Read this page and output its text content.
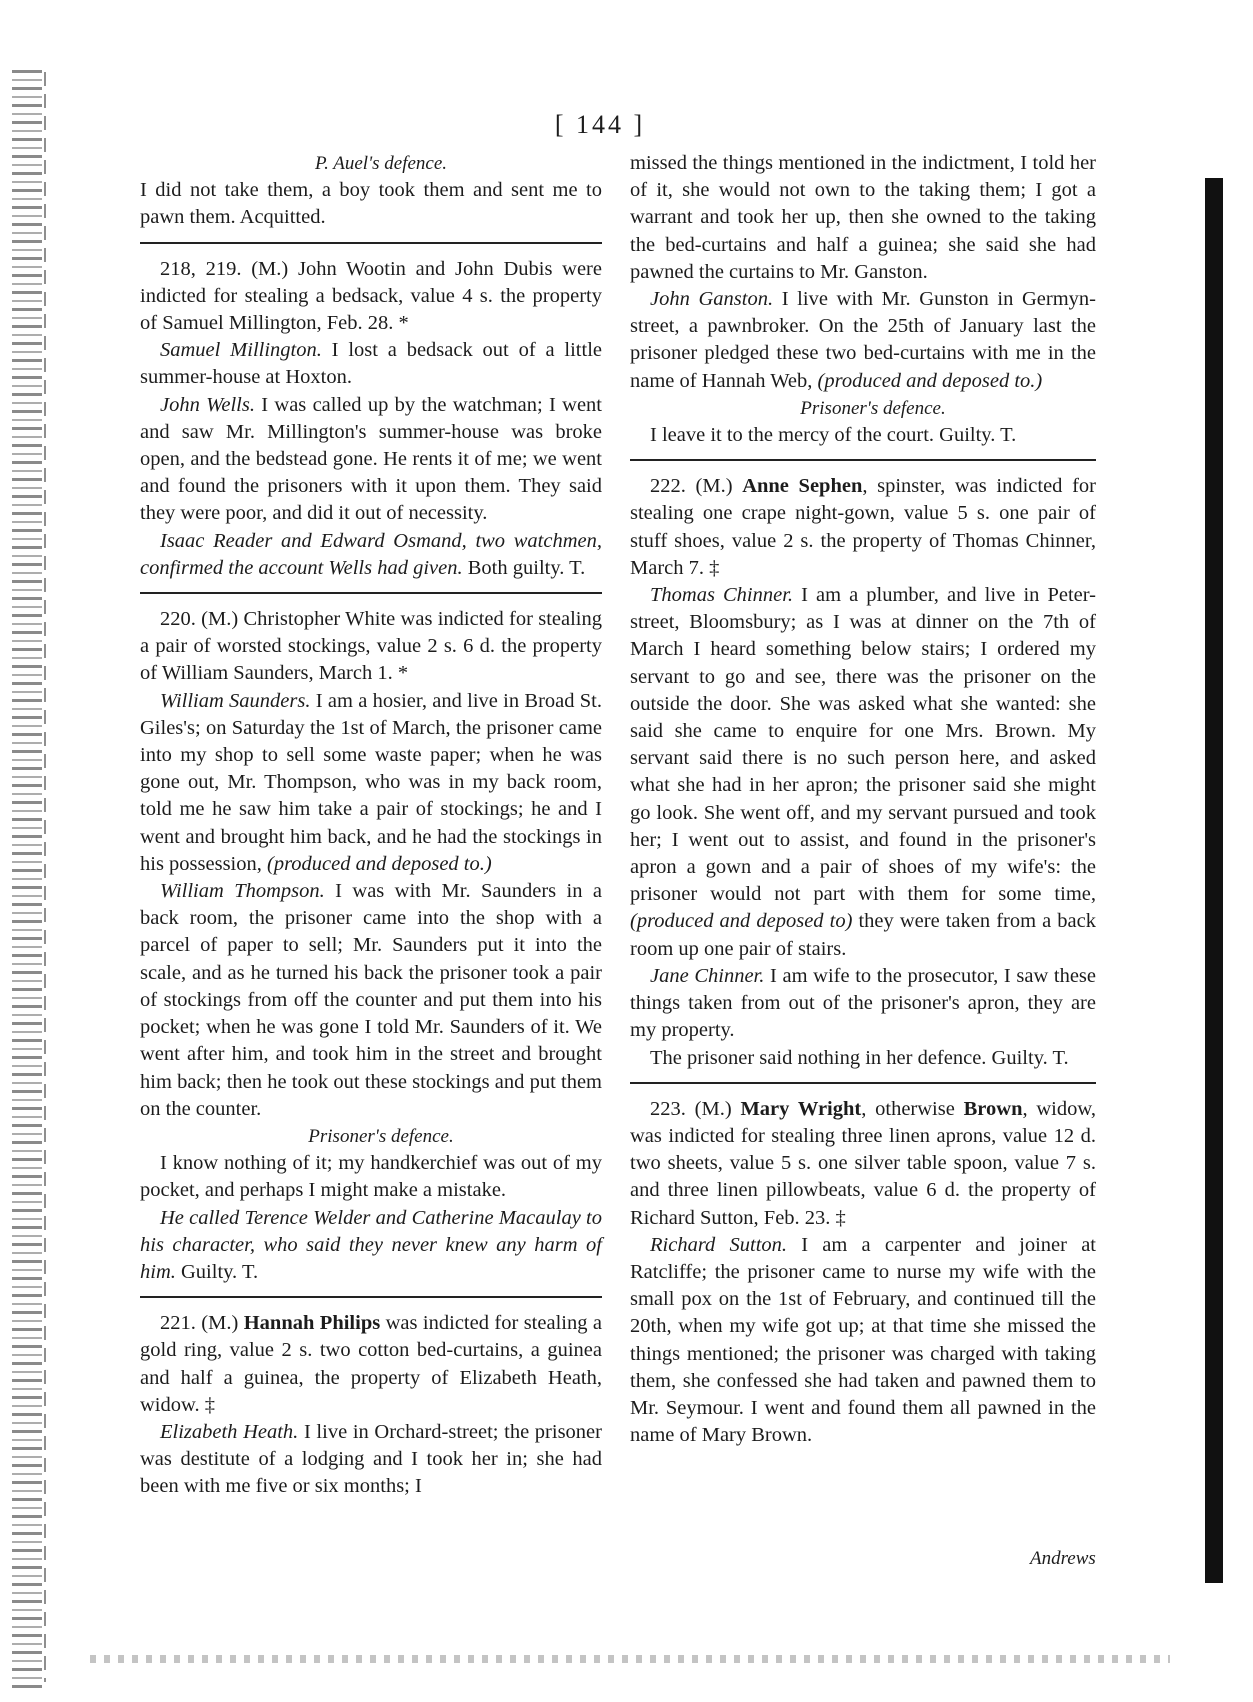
[ 144 ]

P. Auel's defence.

I did not take them, a boy took them and sent me to pawn them. Acquitted.

218, 219. (M.) John Wootin and John Dubis were indicted for stealing a bedsack, value 4 s. the property of Samuel Millington, Feb. 28. *

Samuel Millington. I lost a bedsack out of a little summer-house at Hoxton.

John Wells. I was called up by the watchman; I went and saw Mr. Millington's summer-house was broke open, and the bedstead gone. He rents it of me; we went and found the prisoners with it upon them. They said they were poor, and did it out of necessity.

Isaac Reader and Edward Osmand, two watchmen, confirmed the account Wells had given. Both guilty. T.

220. (M.) Christopher White was indicted for stealing a pair of worsted stockings, value 2 s. 6 d. the property of William Saunders, March 1. *

William Saunders. I am a hosier, and live in Broad St. Giles's; on Saturday the 1st of March, the prisoner came into my shop to sell some waste paper; when he was gone out, Mr. Thompson, who was in my back room, told me he saw him take a pair of stockings; he and I went and brought him back, and he had the stockings in his possession, (produced and deposed to.)

William Thompson. I was with Mr. Saunders in a back room, the prisoner came into the shop with a parcel of paper to sell; Mr. Saunders put it into the scale, and as he turned his back the prisoner took a pair of stockings from off the counter and put them into his pocket; when he was gone I told Mr. Saunders of it. We went after him, and took him in the street and brought him back; then he took out these stockings and put them on the counter.

Prisoner's defence.

I know nothing of it; my handkerchief was out of my pocket, and perhaps I might make a mistake.

He called Terence Welder and Catherine Macaulay to his character, who said they never knew any harm of him. Guilty. T.

221. (M.) Hannah Philips was indicted for stealing a gold ring, value 2 s. two cotton bed-curtains, a guinea and half a guinea, the property of Elizabeth Heath, widow. ‡

Elizabeth Heath. I live in Orchard-street; the prisoner was destitute of a lodging and I took her in; she had been with me five or six months; I

missed the things mentioned in the indictment, I told her of it, she would not own to the taking them; I got a warrant and took her up, then she owned to the taking the bed-curtains and half a guinea; she said she had pawned the curtains to Mr. Ganston.

John Ganston. I live with Mr. Gunston in Germyn-street, a pawnbroker. On the 25th of January last the prisoner pledged these two bed-curtains with me in the name of Hannah Web, (produced and deposed to.)

Prisoner's defence.

I leave it to the mercy of the court. Guilty. T.

222. (M.) Anne Sephen, spinster, was indicted for stealing one crape night-gown, value 5 s. one pair of stuff shoes, value 2 s. the property of Thomas Chinner, March 7. ‡

Thomas Chinner. I am a plumber, and live in Peter-street, Bloomsbury; as I was at dinner on the 7th of March I heard something below stairs; I ordered my servant to go and see, there was the prisoner on the outside the door. She was asked what she wanted: she said she came to enquire for one Mrs. Brown. My servant said there is no such person here, and asked what she had in her apron; the prisoner said she might go look. She went off, and my servant pursued and took her; I went out to assist, and found in the prisoner's apron a gown and a pair of shoes of my wife's: the prisoner would not part with them for some time, (produced and deposed to) they were taken from a back room up one pair of stairs.

Jane Chinner. I am wife to the prosecutor, I saw these things taken from out of the prisoner's apron, they are my property.

The prisoner said nothing in her defence. Guilty. T.

223. (M.) Mary Wright, otherwise Brown, widow, was indicted for stealing three linen aprons, value 12 d. two sheets, value 5 s. one silver table spoon, value 7 s. and three linen pillowbeats, value 6 d. the property of Richard Sutton, Feb. 23. ‡

Richard Sutton. I am a carpenter and joiner at Ratcliffe; the prisoner came to nurse my wife with the small pox on the 1st of February, and continued till the 20th, when my wife got up; at that time she missed the things mentioned; the prisoner was charged with taking them, she confessed she had taken and pawned them to Mr. Seymour. I went and found them all pawned in the name of Mary Brown.

Andrews
